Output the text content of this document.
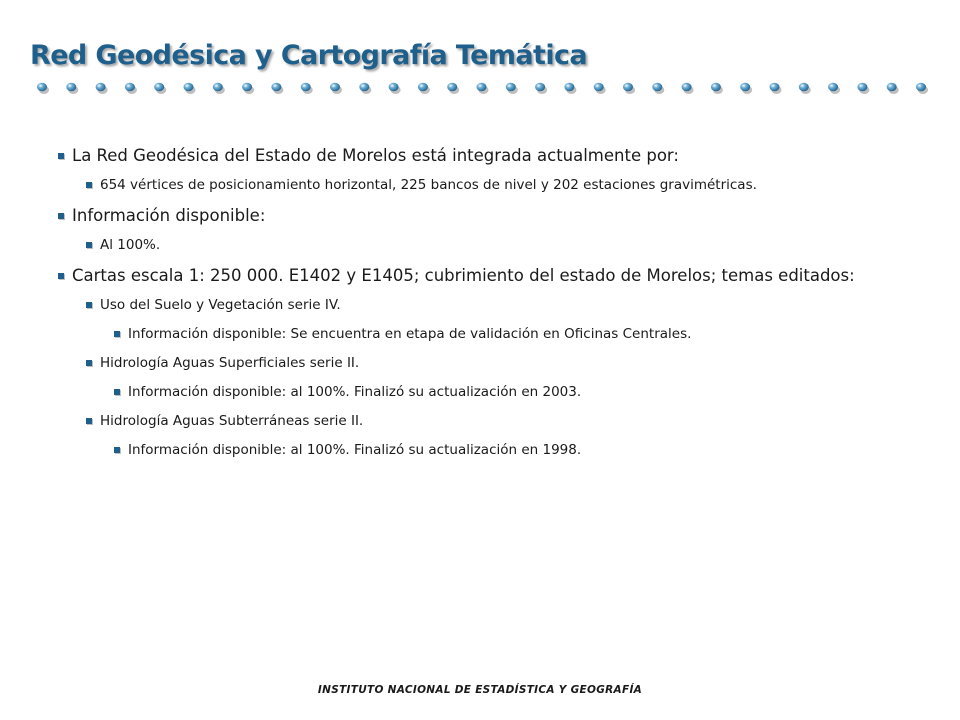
Red Geodésica y Cartografía Temática
La Red Geodésica del Estado de Morelos está integrada actualmente por:
654 vértices de posicionamiento horizontal, 225 bancos de nivel y 202 estaciones gravimétricas.
Información disponible:
Al 100%.
Cartas escala 1: 250 000. E1402 y E1405; cubrimiento del estado de Morelos; temas editados:
Uso del Suelo y Vegetación serie IV.
Información disponible: Se encuentra en etapa de validación en Oficinas Centrales.
Hidrología Aguas Superficiales serie II.
Información disponible: al 100%. Finalizó su actualización en 2003.
Hidrología Aguas Subterráneas serie II.
Información disponible: al 100%. Finalizó su actualización en 1998.
INSTITUTO NACIONAL DE ESTADÍSTICA Y GEOGRAFÍA
